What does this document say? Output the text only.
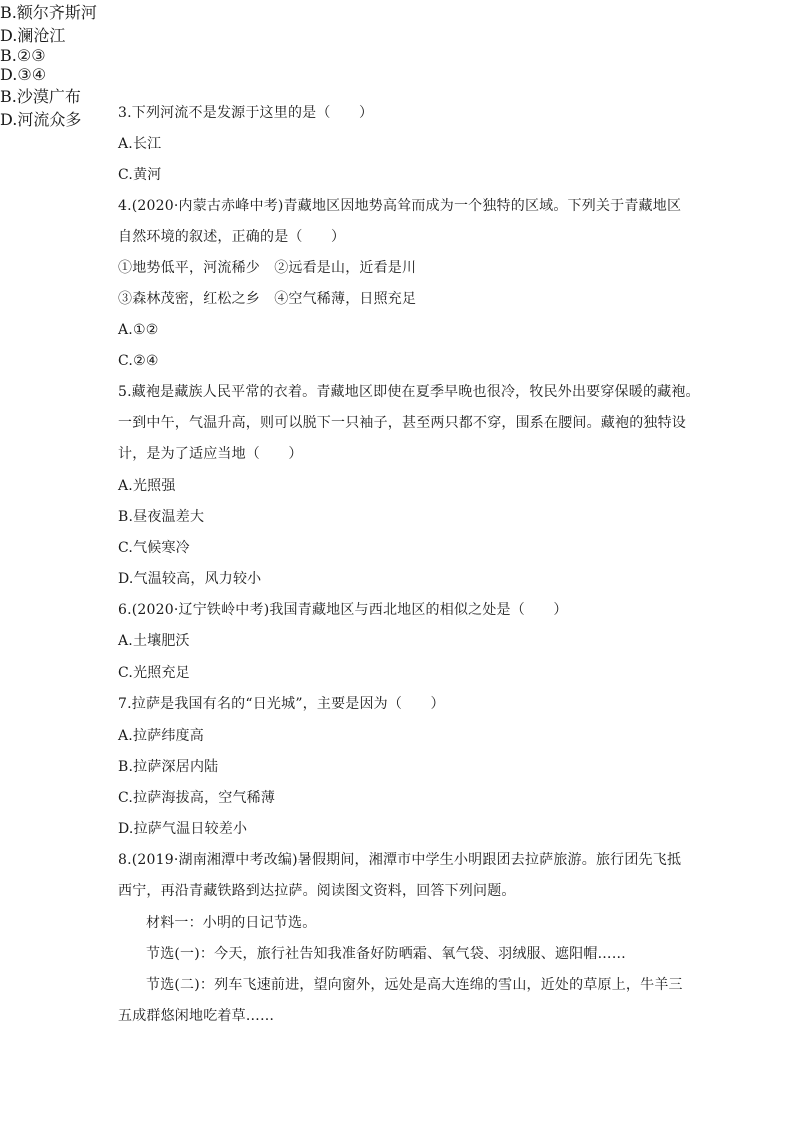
3.下列河流不是发源于这里的是（　　）
A.长江
B.额尔齐斯河
C.黄河
D.澜沧江
4.(2020·内蒙古赤峰中考)青藏地区因地势高耸而成为一个独特的区域。下列关于青藏地区
自然环境的叙述，正确的是（　　）
①地势低平，河流稀少　②远看是山，近看是川
③森林茂密，红松之乡　④空气稀薄，日照充足
A.①②
B.②③
C.②④
D.③④
5.藏袍是藏族人民平常的衣着。青藏地区即使在夏季早晚也很冷，牧民外出要穿保暖的藏袍。
一到中午，气温升高，则可以脱下一只袖子，甚至两只都不穿，围系在腰间。藏袍的独特设
计，是为了适应当地（　　）
A.光照强
B.昼夜温差大
C.气候寒冷
D.气温较高，风力较小
6.(2020·辽宁铁岭中考)我国青藏地区与西北地区的相似之处是（　　）
A.土壤肥沃
B.沙漠广布
C.光照充足
D.河流众多
7.拉萨是我国有名的“日光城”，主要是因为（　　）
A.拉萨纬度高
B.拉萨深居内陆
C.拉萨海拔高，空气稀薄
D.拉萨气温日较差小
8.(2019·湖南湘潭中考改编)暑假期间，湘潭市中学生小明跟团去拉萨旅游。旅行团先飞抵
西宁，再沿青藏铁路到达拉萨。阅读图文资料，回答下列问题。
材料一：小明的日记节选。
节选(一)：今天，旅行社告知我准备好防晒霜、氧气袋、羽绒服、遮阳帽……
节选(二)：列车飞速前进，望向窗外，远处是高大连绵的雪山，近处的草原上，牛羊三
五成群悠闲地吃着草……
